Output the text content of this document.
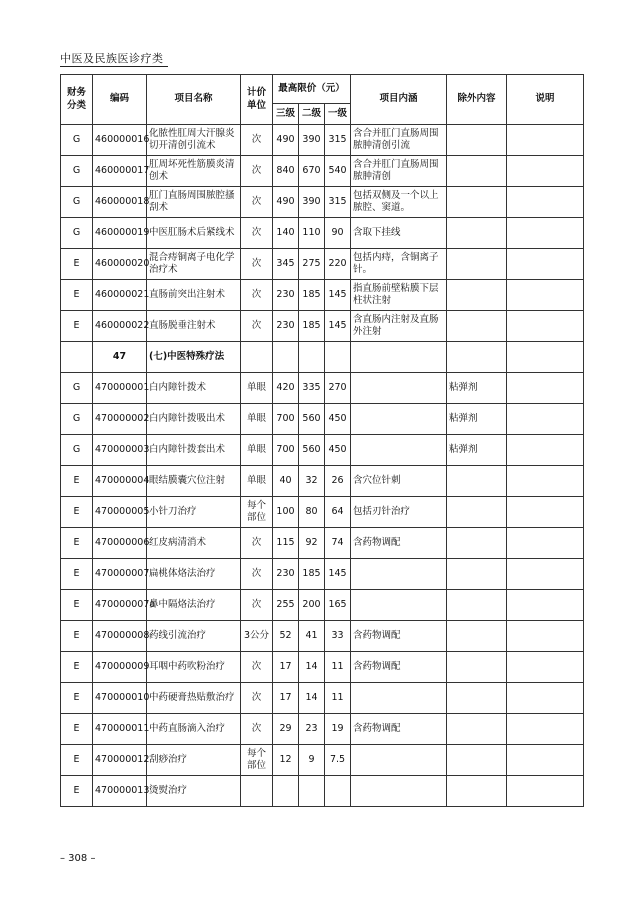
中医及民族医诊疗类
财务分类	编码	项目名称	计价单位	最高限价（元）			项目内涵	除外内容	说明
				三级	二级	一级			
G	460000016	化脓性肛周大汗腺炎切开清创引流术	次	490	390	315	含合并肛门直肠周围脓肿清创引流		
G	460000017	肛周坏死性筋膜炎清创术	次	840	670	540	含合并肛门直肠周围脓肿清创		
G	460000018	肛门直肠周围脓腔搔刮术	次	490	390	315	包括双侧及一个以上脓腔、窦道。		
G	460000019	中医肛肠术后紧线术	次	140	110	90	含取下挂线		
E	460000020	混合痔铜离子电化学治疗术	次	345	275	220	包括内痔，含铜离子针。		
E	460000021	直肠前突出注射术	次	230	185	145	指直肠前壁粘膜下层柱状注射		
E	460000022	直肠脱垂注射术	次	230	185	145	含直肠内注射及直肠外注射		
	47	(七)中医特殊疗法							
G	470000001	白内障针拨术	单眼	420	335	270		粘弹剂	
G	470000002	白内障针拨吸出术	单眼	700	560	450		粘弹剂	
G	470000003	白内障针拨套出术	单眼	700	560	450		粘弹剂	
E	470000004	眼结膜囊穴位注射	单眼	40	32	26	含穴位针刺		
E	470000005	小针刀治疗	每个部位	100	80	64	包括刃针治疗		
E	470000006	红皮病清消术	次	115	92	74	含药物调配		
E	470000007	扁桃体烙法治疗	次	230	185	145			
E	470000007a	鼻中隔烙法治疗	次	255	200	165			
E	470000008	药线引流治疗	3公分	52	41	33	含药物调配		
E	470000009	耳咽中药吹粉治疗	次	17	14	11	含药物调配		
E	470000010	中药硬膏热贴敷治疗	次	17	14	11			
E	470000011	中药直肠滴入治疗	次	29	23	19	含药物调配		
E	470000012	刮痧治疗	每个部位	12	9	7.5			
E	470000013	烫熨治疗							
– 308 –
